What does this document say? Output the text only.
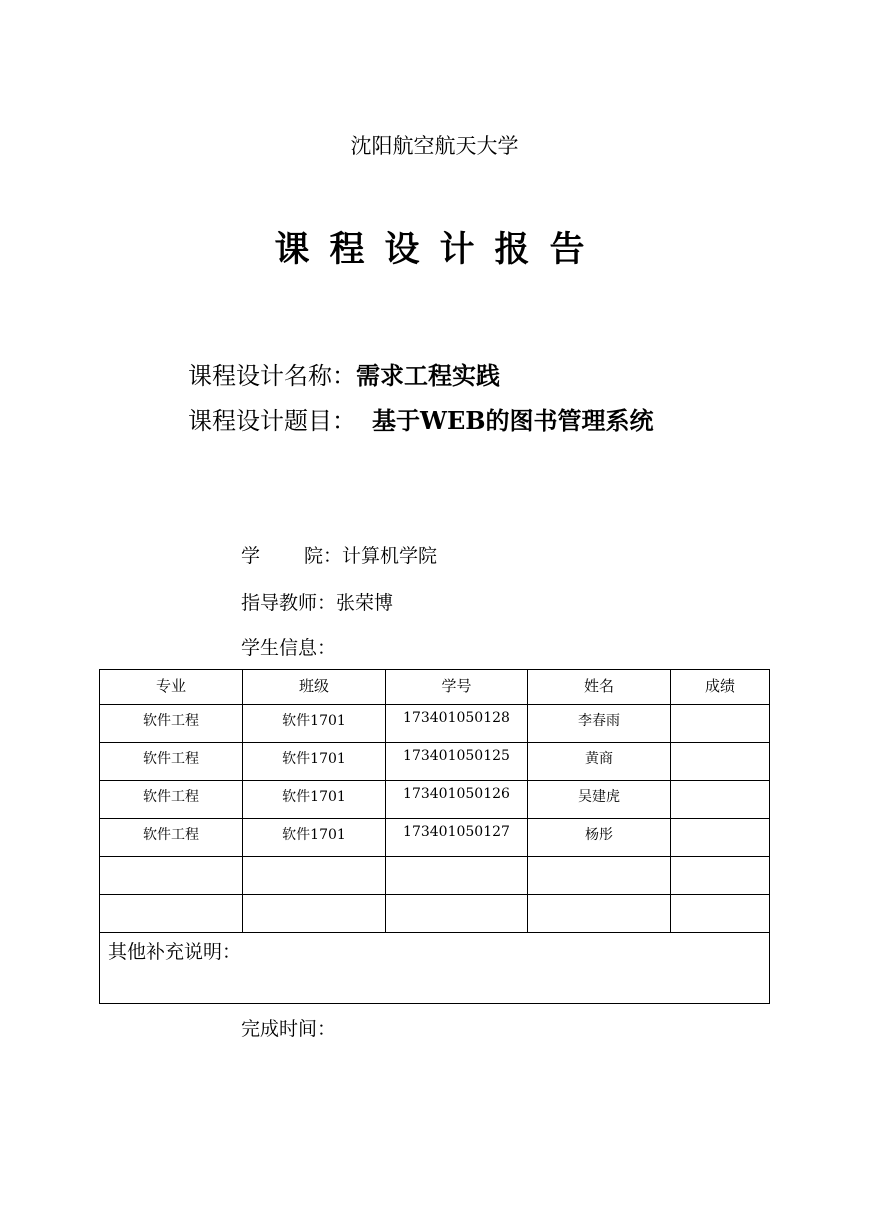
沈阳航空航天大学
课程设计报告
课程设计名称：需求工程实践
课程设计题目： 基于WEB的图书管理系统
学 院：计算机学院
指导教师：张荣博
学生信息：
专业	班级	学号	姓名	成绩
软件工程	软件1701	173401050128	李春雨	
软件工程	软件1701	173401050125	黄商	
软件工程	软件1701	173401050126	吴建虎	
软件工程	软件1701	173401050127	杨彤	

其他补充说明：				
完成时间：
